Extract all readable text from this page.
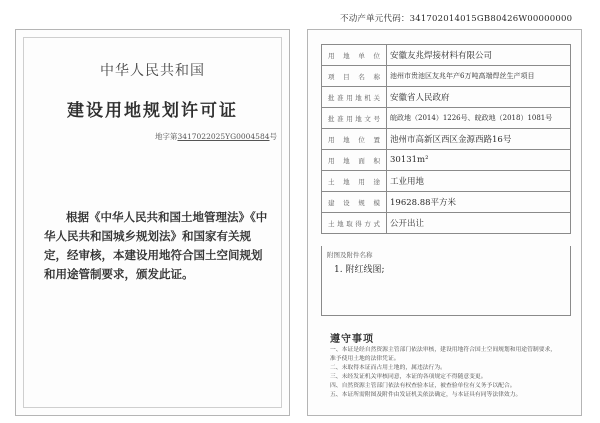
不动产单元代码：341702014015GB80426W00000000
中华人民共和国
建设用地规划许可证
地字第3417022025YG0004584号

根据《中华人民共和国土地管理法》《中华人民共和国城乡规划法》和国家有关规定，经审核，本建设用地符合国土空间规划和用途管制要求，颁发此证。

用地单位	安徽友兆焊接材料有限公司
项目名称	池州市贵池区友兆年产6万吨高端焊丝生产项目
批准用地机关	安徽省人民政府
批准用地文号	皖政地（2014）1226号、皖政地（2018）1081号
用地位置	池州市高新区西区金源西路16号
用地面积	30131m²
土地用途	工业用地
建设规模	19628.88平方米
土地取得方式	公开出让
附图及附件名称
1. 附红线图;
遵守事项

一、本证是经自然资源主管部门依法审核，建设用地符合国土空间规划和用途管制要求，准予使用土地的法律凭证。

二、未取得本证而占用土地的，属违法行为。

三、未经发证机关审核同意，本证的各项规定不得随意变更。

四、自然资源主管部门依法有权查验本证，被查验单位有义务予以配合。

五、本证所需附图及附件由发证机关依法确定，与本证具有同等法律效力。
